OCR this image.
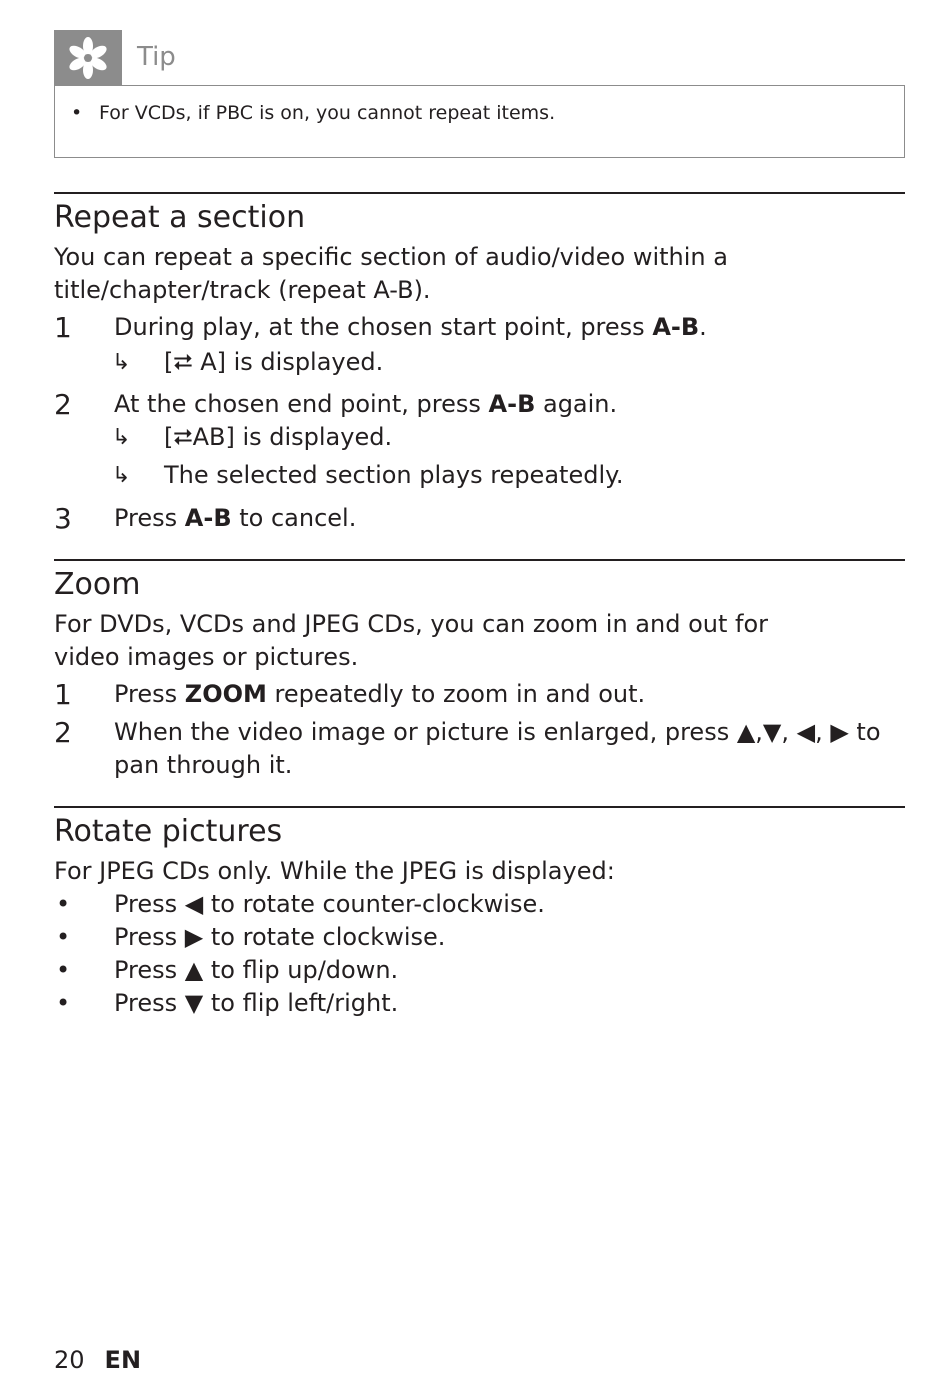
Tip
• For VCDs, if PBC is on, you cannot repeat items.
Repeat a section
You can repeat a specific section of audio/video within a title/chapter/track (repeat A-B).
1 During play, at the chosen start point, press A-B.
↳	[⮂ A] is displayed.
2 At the chosen end point, press A-B again.
↳	[⮂AB] is displayed.
↳	The selected section plays repeatedly.
3 Press A-B to cancel.
Zoom
For DVDs, VCDs and JPEG CDs, you can zoom in and out for video images or pictures.
1 Press ZOOM repeatedly to zoom in and out.
2 When the video image or picture is enlarged, press ▲,▼, ◀, ▶ to pan through it.
Rotate pictures
For JPEG CDs only. While the JPEG is displayed:
• Press ◀ to rotate counter-clockwise.
• Press ▶ to rotate clockwise.
• Press ▲ to flip up/down.
• Press ▼ to flip left/right.
20 EN
